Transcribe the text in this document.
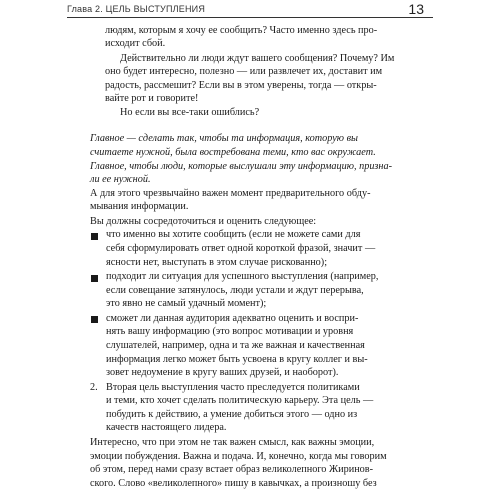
Глава 2. ЦЕЛЬ ВЫСТУПЛЕНИЯ	13
людям, которым я хочу ее сообщить? Часто именно здесь про-
исходит сбой.
Действительно ли люди ждут вашего сообщения? Почему? Им
оно будет интересно, полезно — или развлечет их, доставит им
радость, рассмешит? Если вы в этом уверены, тогда — откры-
вайте рот и говорите!
Но если вы все-таки ошиблись?
Главное — сделать так, чтобы та информация, которую вы
считаете нужной, была востребована теми, кто вас окружает.
Главное, чтобы люди, которые выслушали эту информацию, призна-
ли ее нужной.
А для этого чрезвычайно важен момент предварительного обду-
мывания информации.
Вы должны сосредоточиться и оценить следующее:
что именно вы хотите сообщить (если не можете сами для
себя сформулировать ответ одной короткой фразой, значит —
ясности нет, выступать в этом случае рискованно);
подходит ли ситуация для успешного выступления (например,
если совещание затянулось, люди устали и ждут перерыва,
это явно не самый удачный момент);
сможет ли данная аудитория адекватно оценить и воспри-
нять вашу информацию (это вопрос мотивации и уровня
слушателей, например, одна и та же важная и качественная
информация легко может быть усвоена в кругу коллег и вы-
зовет недоумение в кругу ваших друзей, и наоборот).
2. Вторая цель выступления часто преследуется политиками
и теми, кто хочет сделать политическую карьеру. Эта цель —
побудить к действию, а умение добиться этого — одно из
качеств настоящего лидера.
Интересно, что при этом не так важен смысл, как важны эмоции,
эмоции побуждения. Важна и подача. И, конечно, когда мы говорим
об этом, перед нами сразу встает образ великолепного Жиринов-
ского. Слово «великолепного» пишу в кавычках, а произношу без
